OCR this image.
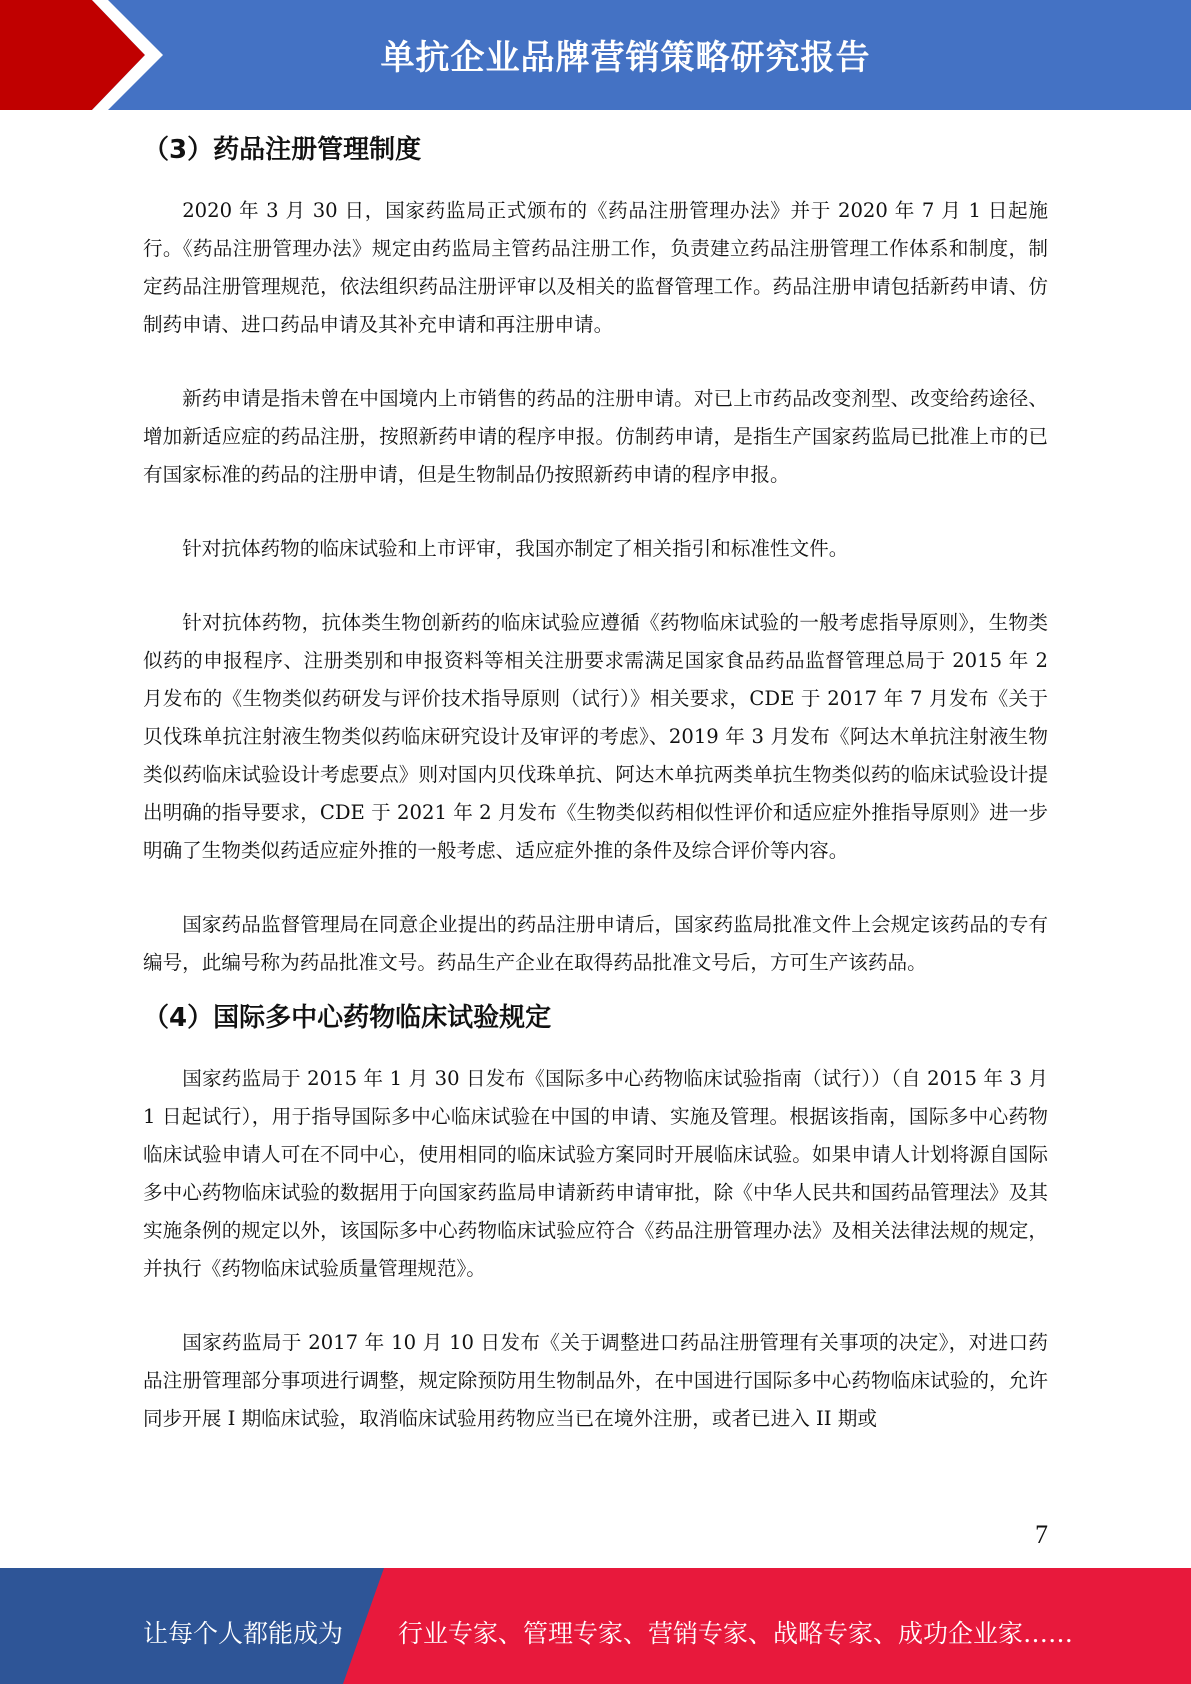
单抗企业品牌营销策略研究报告
（3）药品注册管理制度

2020 年 3 月 30 日，国家药监局正式颁布的《药品注册管理办法》并于 2020 年 7 月 1 日起施行。《药品注册管理办法》规定由药监局主管药品注册工作，负责建立药品注册管理工作体系和制度，制定药品注册管理规范，依法组织药品注册评审以及相关的监督管理工作。药品注册申请包括新药申请、仿制药申请、进口药品申请及其补充申请和再注册申请。

新药申请是指未曾在中国境内上市销售的药品的注册申请。对已上市药品改变剂型、改变给药途径、增加新适应症的药品注册，按照新药申请的程序申报。仿制药申请，是指生产国家药监局已批准上市的已有国家标准的药品的注册申请，但是生物制品仍按照新药申请的程序申报。

针对抗体药物的临床试验和上市评审，我国亦制定了相关指引和标准性文件。

针对抗体药物，抗体类生物创新药的临床试验应遵循《药物临床试验的一般考虑指导原则》，生物类似药的申报程序、注册类别和申报资料等相关注册要求需满足国家食品药品监督管理总局于 2015 年 2 月发布的《生物类似药研发与评价技术指导原则（试行）》相关要求，CDE 于 2017 年 7 月发布《关于贝伐珠单抗注射液生物类似药临床研究设计及审评的考虑》、2019 年 3 月发布《阿达木单抗注射液生物类似药临床试验设计考虑要点》则对国内贝伐珠单抗、阿达木单抗两类单抗生物类似药的临床试验设计提出明确的指导要求，CDE 于 2021 年 2 月发布《生物类似药相似性评价和适应症外推指导原则》进一步明确了生物类似药适应症外推的一般考虑、适应症外推的条件及综合评价等内容。

国家药品监督管理局在同意企业提出的药品注册申请后，国家药监局批准文件上会规定该药品的专有编号，此编号称为药品批准文号。药品生产企业在取得药品批准文号后，方可生产该药品。

（4）国际多中心药物临床试验规定

国家药监局于 2015 年 1 月 30 日发布《国际多中心药物临床试验指南（试行））（自 2015 年 3 月 1 日起试行），用于指导国际多中心临床试验在中国的申请、实施及管理。根据该指南，国际多中心药物临床试验申请人可在不同中心，使用相同的临床试验方案同时开展临床试验。如果申请人计划将源自国际多中心药物临床试验的数据用于向国家药监局申请新药申请审批，除《中华人民共和国药品管理法》及其实施条例的规定以外，该国际多中心药物临床试验应符合《药品注册管理办法》及相关法律法规的规定，并执行《药物临床试验质量管理规范》。

国家药监局于 2017 年 10 月 10 日发布《关于调整进口药品注册管理有关事项的决定》，对进口药品注册管理部分事项进行调整，规定除预防用生物制品外，在中国进行国际多中心药物临床试验的，允许同步开展 I 期临床试验，取消临床试验用药物应当已在境外注册，或者已进入 II 期或

7
让每个人都能成为 行业专家、管理专家、营销专家、战略专家、成功企业家……
